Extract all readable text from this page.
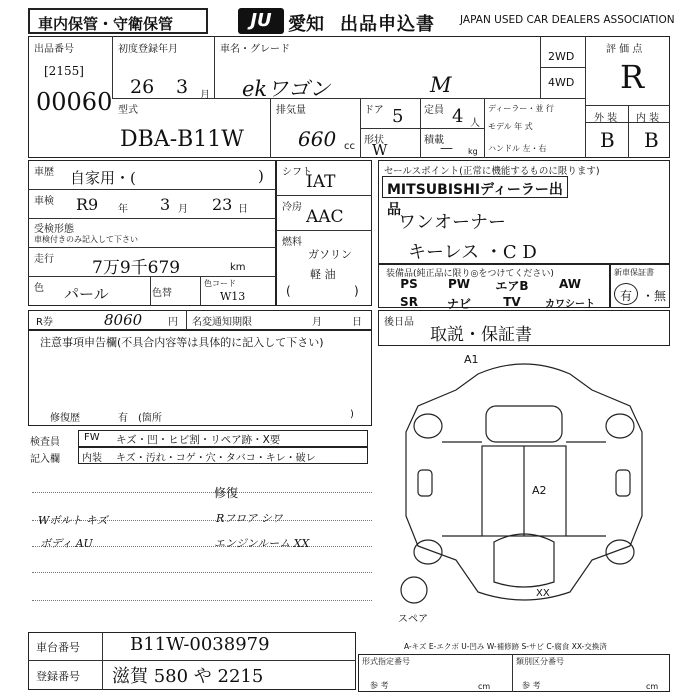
車内保管・守衛保管	JU 愛知 出品申込書 JAPAN USED CAR DEALERS ASSOCIATION
出品番号
[2155]
00060
初度登録年月
26 3 月
車名・グレード
ekワゴン	M
2WD
4WD
評 価 点
R
外 装 内 装
B B
型式
DBA-B11W
排気量
660 cc
ドア 5 定員 4 人
形状
W
積載
— kg
ディーラー・並 行
モデル 年 式
ハンドル 左・右
車歴 自家用・(	)
車検 R9 年 3 月 23 日
受検形態
車検付きのみ記入して下さい
走行 7万9千679	km
色 パール	色替
色コード
W13
シフト
IAT
冷房 AAC
燃料
ガソリン
軽 油
(	)
セールスポイント(正常に機能するものに限ります)
MITSUBISHIディーラー出品
ワンオーナー
キーレス ・C D
装備品(純正品に限り◎をつけてください)
PS	PW	エアB	AW
SR	ナビ	TV	カワシート
新車保証書
有 ・無
R券	8060	円 名変通知期限	月	日 後日品
取説・保証書
注意事項申告欄(不具合内容等は具体的に記入して下さい)
修復歴	有 (箇所	)
検査員
記入欄
FW キズ・凹・ヒビ割・リペア跡・X要
内装 キズ・汚れ・コゲ・穴・タバコ・キレ・破レ
修復
Wボルト キズ	Rフロア シワ
ボディ AU	エンジンルーム XX
A1
A2
XX
スペア
A-キズ E-エクボ U-凹み W-補修跡 S-サビ C-腐食 XX-交換済
車台番号	B11W-0038979
登録番号 滋賀 580 や 2215
形式指定番号
参 考	cm
類別区分番号
参 考	cm
